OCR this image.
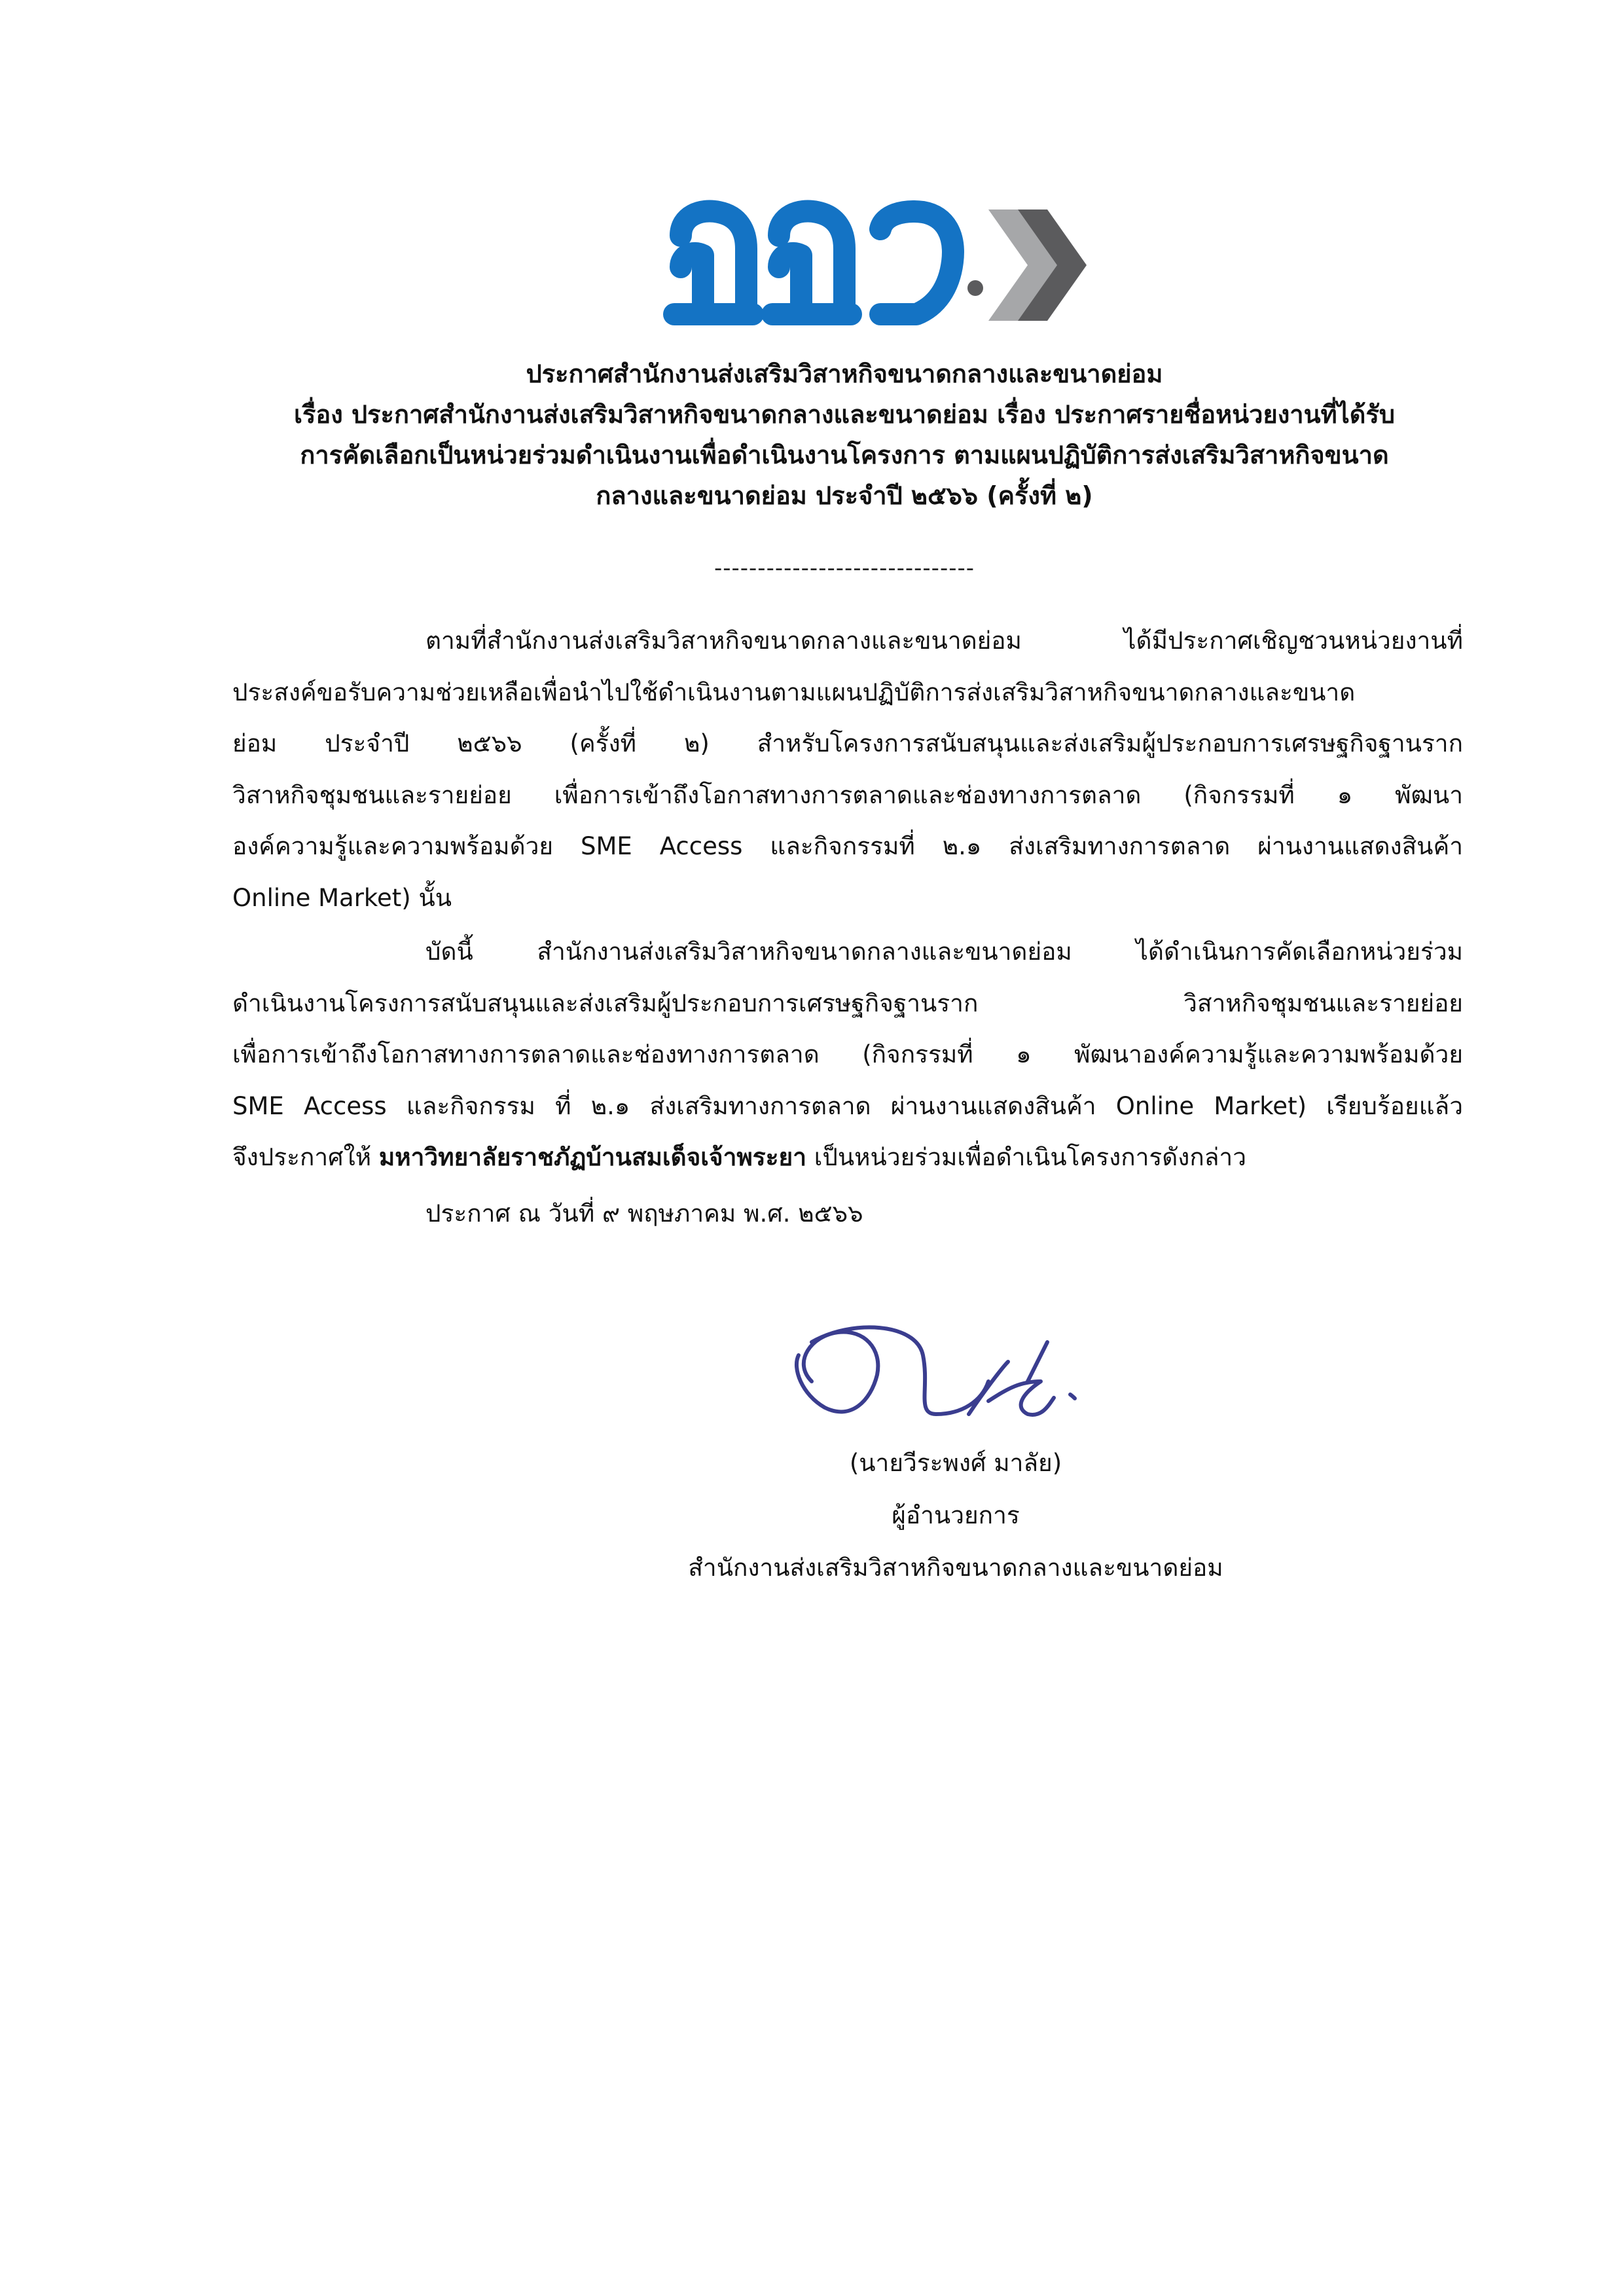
ประกาศสำนักงานส่งเสริมวิสาหกิจขนาดกลางและขนาดย่อม
เรื่อง ประกาศสำนักงานส่งเสริมวิสาหกิจขนาดกลางและขนาดย่อม เรื่อง ประกาศรายชื่อหน่วยงานที่ได้รับ
การคัดเลือกเป็นหน่วยร่วมดำเนินงานเพื่อดำเนินงานโครงการ ตามแผนปฏิบัติการส่งเสริมวิสาหกิจขนาด
กลางและขนาดย่อม ประจำปี ๒๕๖๖ (ครั้งที่ ๒)
------------------------------
ตามที่สำนักงานส่งเสริมวิสาหกิจขนาดกลางและขนาดย่อม ได้มีประกาศเชิญชวนหน่วยงานที่
ประสงค์ขอรับความช่วยเหลือเพื่อนำไปใช้ดำเนินงานตามแผนปฏิบัติการส่งเสริมวิสาหกิจขนาดกลางและขนาด
ย่อม ประจำปี ๒๕๖๖ (ครั้งที่ ๒) สำหรับโครงการสนับสนุนและส่งเสริมผู้ประกอบการเศรษฐกิจฐานราก
วิสาหกิจชุมชนและรายย่อย เพื่อการเข้าถึงโอกาสทางการตลาดและช่องทางการตลาด (กิจกรรมที่ ๑ พัฒนา
องค์ความรู้และความพร้อมด้วย SME Access และกิจกรรมที่ ๒.๑ ส่งเสริมทางการตลาด ผ่านงานแสดงสินค้า
Online Market) นั้น
บัดนี้ สำนักงานส่งเสริมวิสาหกิจขนาดกลางและขนาดย่อม ได้ดำเนินการคัดเลือกหน่วยร่วม
ดำเนินงานโครงการสนับสนุนและส่งเสริมผู้ประกอบการเศรษฐกิจฐานราก วิสาหกิจชุมชนและรายย่อย
เพื่อการเข้าถึงโอกาสทางการตลาดและช่องทางการตลาด (กิจกรรมที่ ๑ พัฒนาองค์ความรู้และความพร้อมด้วย
SME Access และกิจกรรม ที่ ๒.๑ ส่งเสริมทางการตลาด ผ่านงานแสดงสินค้า Online Market) เรียบร้อยแล้ว
จึงประกาศให้ มหาวิทยาลัยราชภัฏบ้านสมเด็จเจ้าพระยา เป็นหน่วยร่วมเพื่อดำเนินโครงการดังกล่าว
ประกาศ ณ วันที่ ๙ พฤษภาคม พ.ศ. ๒๕๖๖
(นายวีระพงศ์ มาลัย)
ผู้อำนวยการ
สำนักงานส่งเสริมวิสาหกิจขนาดกลางและขนาดย่อม
